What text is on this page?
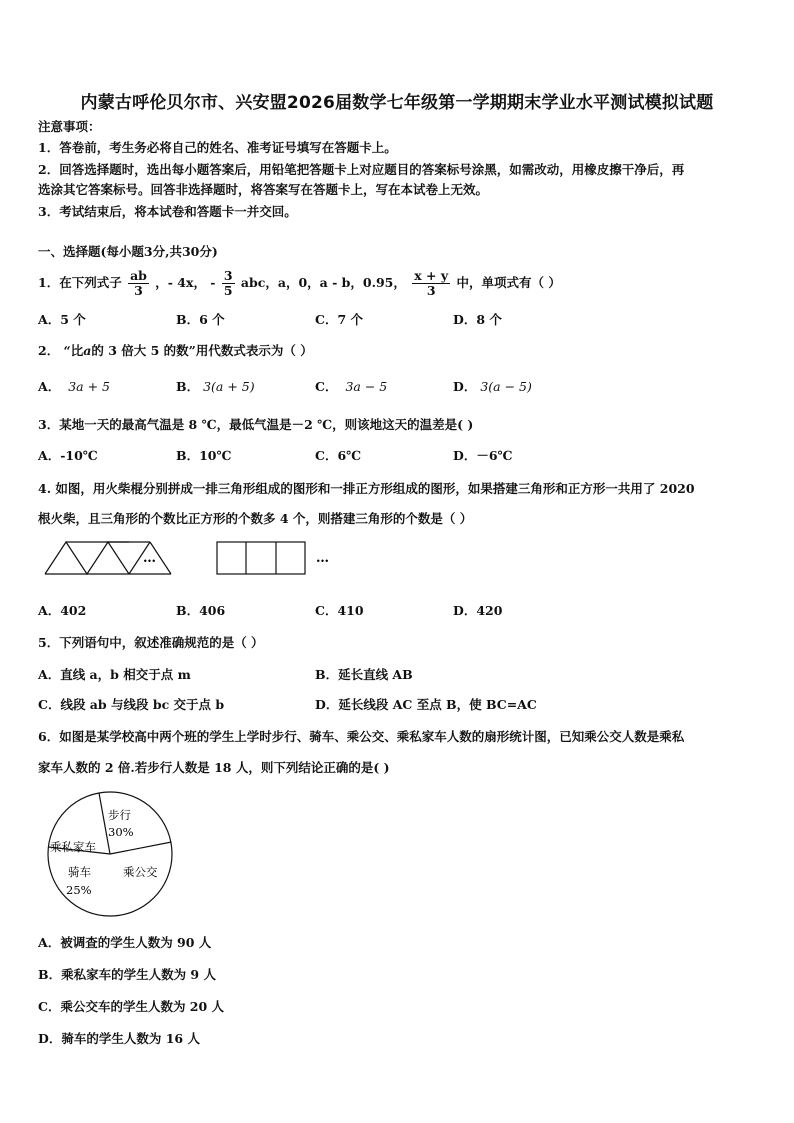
内蒙古呼伦贝尔市、兴安盟2026届数学七年级第一学期期末学业水平测试模拟试题
注意事项：
1．答卷前，考生务必将自己的姓名、准考证号填写在答题卡上。
2．回答选择题时，选出每小题答案后，用铅笔把答题卡上对应题目的答案标号涂黑，如需改动，用橡皮擦干净后，再
选涂其它答案标号。回答非选择题时，将答案写在答题卡上，写在本试卷上无效。
3．考试结束后，将本试卷和答题卡一并交回。
一、选择题(每小题3分,共30分)
1．在下列式子 $\frac{ab}{3}$ ，- 4x， - $\frac{3}{5}$ abc，a，0，a - b，0.95， $\frac{x + y}{3}$ 中，单项式有（ ）
A．5 个	B．6 个	C．7 个	D．8 个
2． “比a的 3 倍大 5 的数”用代数式表示为（ ）
A． 3a + 5	B． 3(a + 5)	C． 3a − 5	D． 3(a − 5)
3．某地一天的最高气温是 8 ℃，最低气温是－2 ℃，则该地这天的温差是( )
A．-10℃	B．10℃	C．6℃	D．－6℃
4. 如图，用火柴棍分别拼成一排三角形组成的图形和一排正方形组成的图形，如果搭建三角形和正方形一共用了 2020
根火柴，且三角形的个数比正方形的个数多 4 个，则搭建三角形的个数是（ ）
…	…
A．402	B．406	C．410	D．420
5．下列语句中，叙述准确规范的是（ ）
A．直线 a，b 相交于点 m	B．延长直线 AB
C．线段 ab 与线段 bc 交于点 b	D．延长线段 AC 至点 B，使 BC=AC
6．如图是某学校高中两个班的学生上学时步行、骑车、乘公交、乘私家车人数的扇形统计图，已知乘公交人数是乘私
家车人数的 2 倍.若步行人数是 18 人，则下列结论正确的是( )
步行
30%
乘私家车
骑车
25%
乘公交
A．被调查的学生人数为 90 人
B．乘私家车的学生人数为 9 人
C．乘公交车的学生人数为 20 人
D．骑车的学生人数为 16 人
